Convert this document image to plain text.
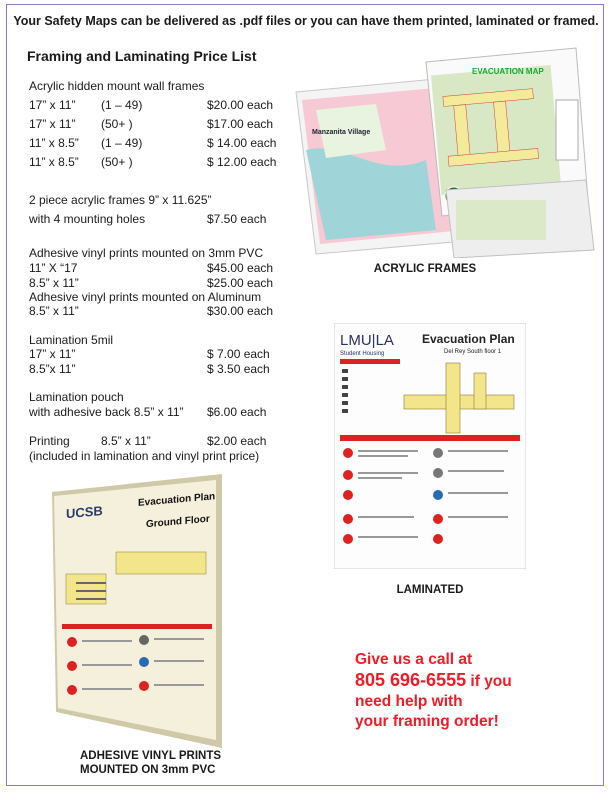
Your Safety Maps can be delivered as .pdf files or you can have them printed, laminated or framed.
Framing and Laminating Price List
Acrylic hidden mount wall frames
17” x 11” (1 – 49)	$20.00 each
17” x 11” (50+ )	$17.00 each
11” x 8.5” (1 – 49)	$ 14.00 each
11” x 8.5” (50+ )	$ 12.00 each
2 piece acrylic frames 9” x 11.625”
with 4 mounting holes	$7.50 each
Adhesive vinyl prints mounted on 3mm PVC
11” X “17	$45.00 each
8.5” x 11”	$25.00 each
Adhesive vinyl prints mounted on Aluminum
8.5” x 11”	$30.00 each
Lamination 5mil
17” x 11”	$ 7.00 each
8.5”x 11”	$ 3.50 each
Lamination pouch
with adhesive back 8.5” x 11” $6.00 each
Printing	8.5” x 11”	$2.00 each
(included in lamination and vinyl print price)
Manzanita Village
EVACUATION MAP
ACRYLIC FRAMES
LMU|LA
Student Housing
Evacuation Plan
Del Rey South floor 1
LAMINATED
UCSB
Evacuation Plan
Ground Floor
ADHESIVE VINYL PRINTS
MOUNTED ON 3mm PVC
Give us a call at
805 696-6555 if you
need help with
your framing order!
